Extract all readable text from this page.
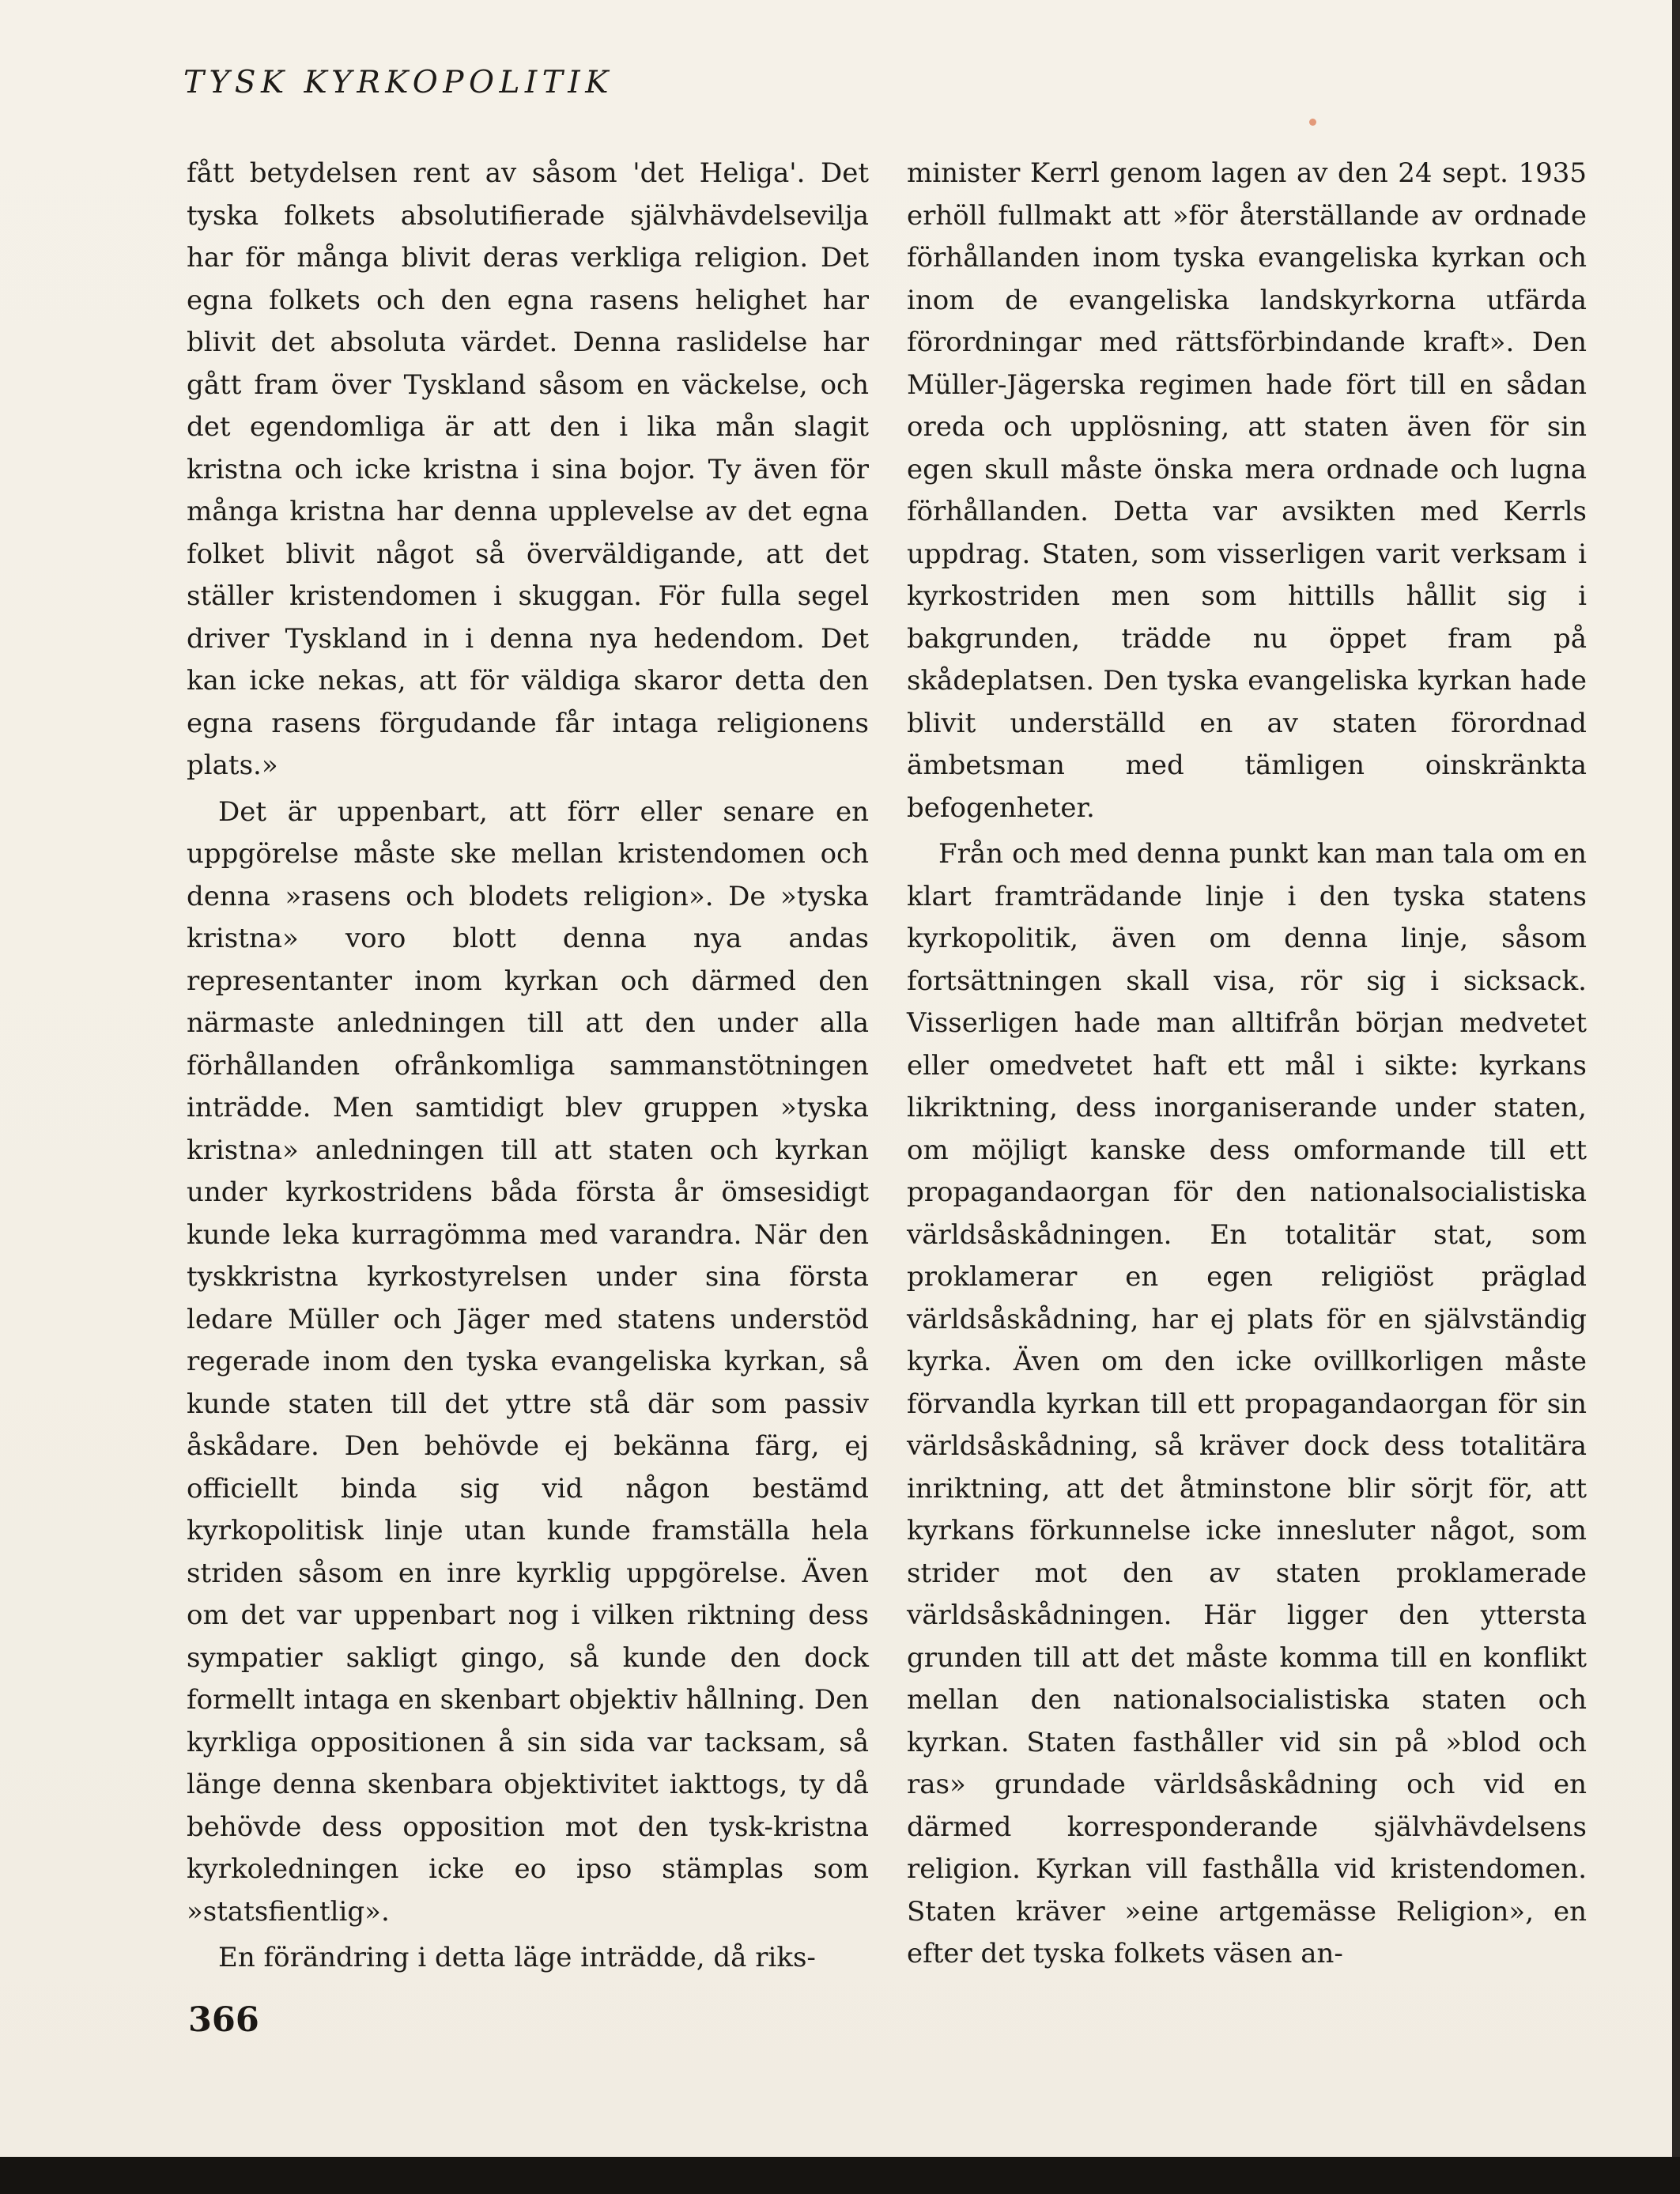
TYSK KYRKOPOLITIK

fått betydelsen rent av såsom 'det Heliga'. Det tyska folkets absolutifierade självhävdelsevilja har för många blivit deras verkliga religion. Det egna folkets och den egna rasens helighet har blivit det absoluta värdet. Denna raslidelse har gått fram över Tyskland såsom en väckelse, och det egendomliga är att den i lika mån slagit kristna och icke kristna i sina bojor. Ty även för många kristna har denna upplevelse av det egna folket blivit något så överväldigande, att det ställer kristendomen i skuggan. För fulla segel driver Tyskland in i denna nya hedendom. Det kan icke nekas, att för väldiga skaror detta den egna rasens förgudande får intaga religionens plats.»

Det är uppenbart, att förr eller senare en uppgörelse måste ske mellan kristendomen och denna »rasens och blodets religion». De »tyska kristna» voro blott denna nya andas representanter inom kyrkan och därmed den närmaste anledningen till att den under alla förhållanden ofrånkomliga sammanstötningen inträdde. Men samtidigt blev gruppen »tyska kristna» anledningen till att staten och kyrkan under kyrkostridens båda första år ömsesidigt kunde leka kurragömma med varandra. När den tyskkristna kyrkostyrelsen under sina första ledare Müller och Jäger med statens understöd regerade inom den tyska evangeliska kyrkan, så kunde staten till det yttre stå där som passiv åskådare. Den behövde ej bekänna färg, ej officiellt binda sig vid någon bestämd kyrkopolitisk linje utan kunde framställa hela striden såsom en inre kyrklig uppgörelse. Även om det var uppenbart nog i vilken riktning dess sympatier sakligt gingo, så kunde den dock formellt intaga en skenbart objektiv hållning. Den kyrkliga oppositionen å sin sida var tacksam, så länge denna skenbara objektivitet iakttogs, ty då behövde dess opposition mot den tysk-kristna kyrkoledningen icke eo ipso stämplas som »statsfientlig».

En förändring i detta läge inträdde, då riks-

minister Kerrl genom lagen av den 24 sept. 1935 erhöll fullmakt att »för återställande av ordnade förhållanden inom tyska evangeliska kyrkan och inom de evangeliska landskyrkorna utfärda förordningar med rättsförbindande kraft». Den Müller-Jägerska regimen hade fört till en sådan oreda och upplösning, att staten även för sin egen skull måste önska mera ordnade och lugna förhållanden. Detta var avsikten med Kerrls uppdrag. Staten, som visserligen varit verksam i kyrkostriden men som hittills hållit sig i bakgrunden, trädde nu öppet fram på skådeplatsen. Den tyska evangeliska kyrkan hade blivit underställd en av staten förordnad ämbetsman med tämligen oinskränkta befogenheter.

Från och med denna punkt kan man tala om en klart framträdande linje i den tyska statens kyrkopolitik, även om denna linje, såsom fortsättningen skall visa, rör sig i sicksack. Visserligen hade man alltifrån början medvetet eller omedvetet haft ett mål i sikte: kyrkans likriktning, dess inorganiserande under staten, om möjligt kanske dess omformande till ett propagandaorgan för den nationalsocialistiska världsåskådningen. En totalitär stat, som proklamerar en egen religiöst präglad världsåskådning, har ej plats för en självständig kyrka. Även om den icke ovillkorligen måste förvandla kyrkan till ett propagandaorgan för sin världsåskådning, så kräver dock dess totalitära inriktning, att det åtminstone blir sörjt för, att kyrkans förkunnelse icke innesluter något, som strider mot den av staten proklamerade världsåskådningen. Här ligger den yttersta grunden till att det måste komma till en konflikt mellan den nationalsocialistiska staten och kyrkan. Staten fasthåller vid sin på »blod och ras» grundade världsåskådning och vid en därmed korresponderande självhävdelsens religion. Kyrkan vill fasthålla vid kristendomen. Staten kräver »eine artgemässe Religion», en efter det tyska folkets väsen an-

366
